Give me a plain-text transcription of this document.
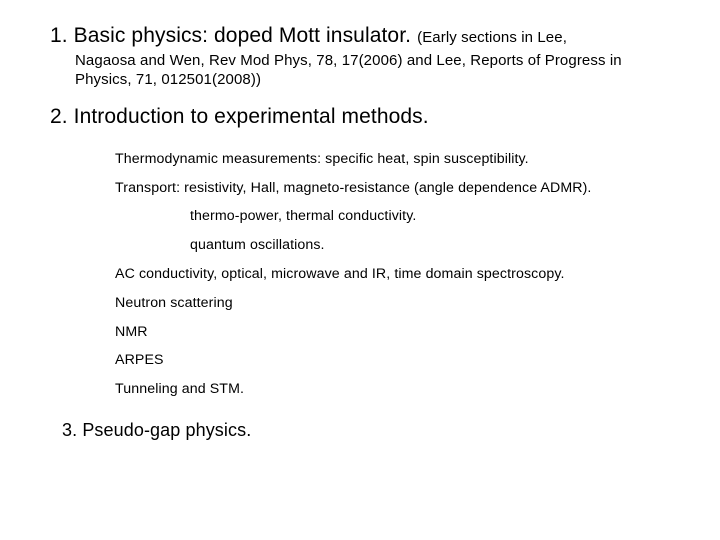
1. Basic physics: doped Mott insulator. (Early sections in Lee,
Nagaosa and Wen, Rev Mod Phys, 78, 17(2006) and Lee, Reports of Progress in
Physics, 71, 012501(2008))
2. Introduction to experimental methods.
Thermodynamic measurements: specific heat, spin susceptibility.
Transport: resistivity, Hall, magneto-resistance (angle dependence ADMR).
thermo-power, thermal conductivity.
quantum oscillations.
AC conductivity, optical, microwave and IR, time domain spectroscopy.
Neutron scattering
NMR
ARPES
Tunneling and STM.
3. Pseudo-gap physics.
